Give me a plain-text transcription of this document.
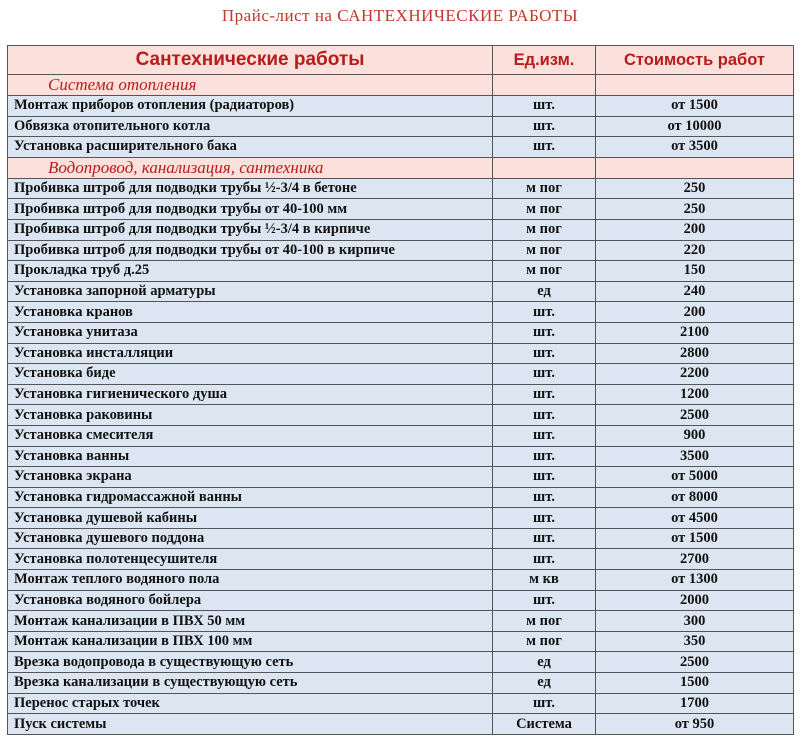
Прайс-лист на САНТЕХНИЧЕСКИЕ РАБОТЫ
Сантехнические работы	Ед.изм.	Стоимость работ
Система отопления		
Монтаж приборов отопления (радиаторов)	шт.	от 1500
Обвязка отопительного котла	шт.	от 10000
Установка расширительного бака	шт.	от 3500
Водопровод, канализация, сантехника		
Пробивка штроб для подводки трубы ½-3/4 в бетоне	м пог	250
Пробивка штроб для подводки трубы от 40-100 мм	м пог	250
Пробивка штроб для подводки трубы ½-3/4 в кирпиче	м пог	200
Пробивка штроб для подводки трубы от 40-100 в кирпиче	м пог	220
Прокладка труб д.25	м пог	150
Установка запорной арматуры	ед	240
Установка кранов	шт.	200
Установка унитаза	шт.	2100
Установка инсталляции	шт.	2800
Установка биде	шт.	2200
Установка гигиенического душа	шт.	1200
Установка раковины	шт.	2500
Установка смесителя	шт.	900
Установка ванны	шт.	3500
Установка экрана	шт.	от 5000
Установка гидромассажной ванны	шт.	от 8000
Установка душевой кабины	шт.	от 4500
Установка душевого поддона	шт.	от 1500
Установка полотенцесушителя	шт.	2700
Монтаж теплого водяного пола	м кв	от 1300
Установка водяного бойлера	шт.	2000
Монтаж канализации в ПВХ 50 мм	м пог	300
Монтаж канализации в ПВХ 100 мм	м пог	350
Врезка водопровода в существующую сеть	ед	2500
Врезка канализации в существующую сеть	ед	1500
Перенос старых точек	шт.	1700
Пуск системы	Система	от 950
